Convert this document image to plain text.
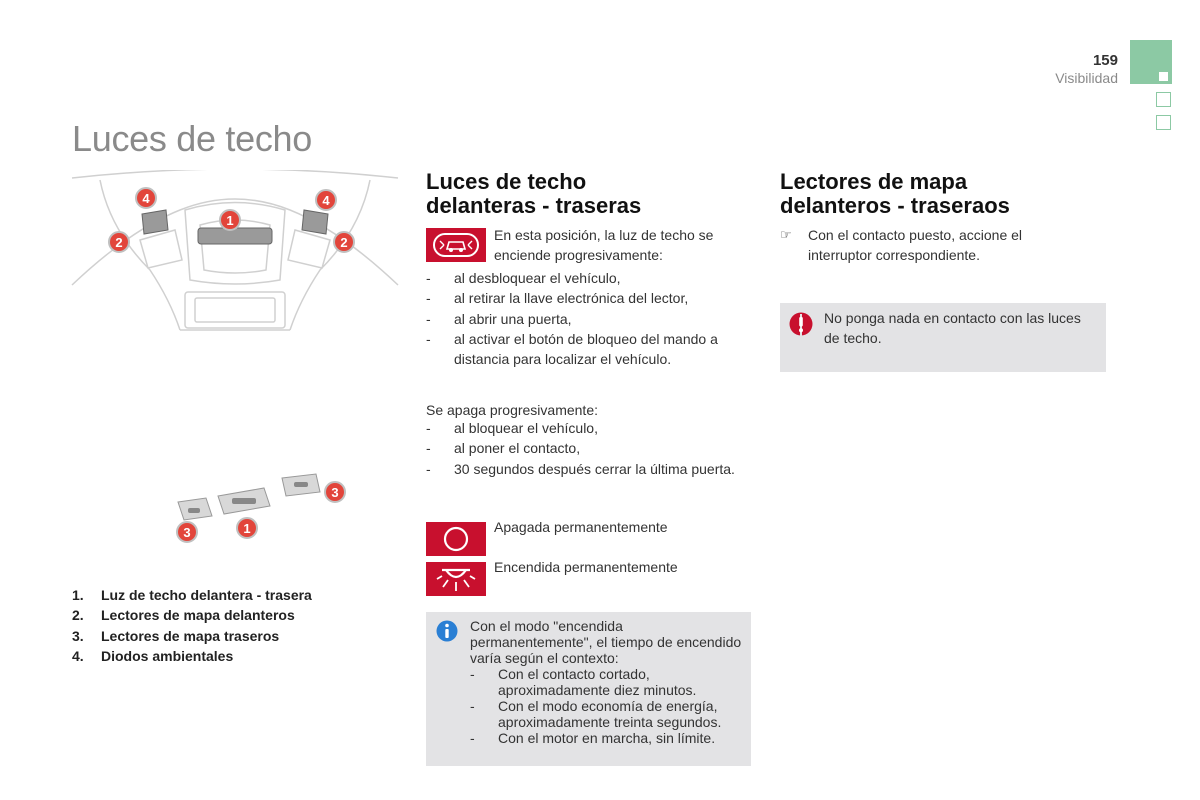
159
Visibilidad
Luces de techo
4
1
4
2	2
3
3	1
1.	Luz de techo delantera - trasera
2.	Lectores de mapa delanteros
3.	Lectores de mapa traseros
4.	Diodos ambientales
Luces de techo
delanteras - traseras

En esta posición, la luz de techo se enciende progresivamente:

- al desbloquear el vehículo,
- al retirar la llave electrónica del lector,
- al abrir una puerta,
- al activar el botón de bloqueo del mando a distancia para localizar el vehículo.

Se apaga progresivamente:

- al bloquear el vehículo,
- al poner el contacto,
- 30 segundos después cerrar la última puerta.

Apagada permanentemente

Encendida permanentemente

Con el modo "encendida permanentemente", el tiempo de encendido varía según el contexto:

- Con el contacto cortado, aproximadamente diez minutos.
- Con el modo economía de energía, aproximadamente treinta segundos.
- Con el motor en marcha, sin límite.
Lectores de mapa
delanteros - traseraos
☞	Con el contacto puesto, accione el interruptor correspondiente.

No ponga nada en contacto con las luces de techo.
